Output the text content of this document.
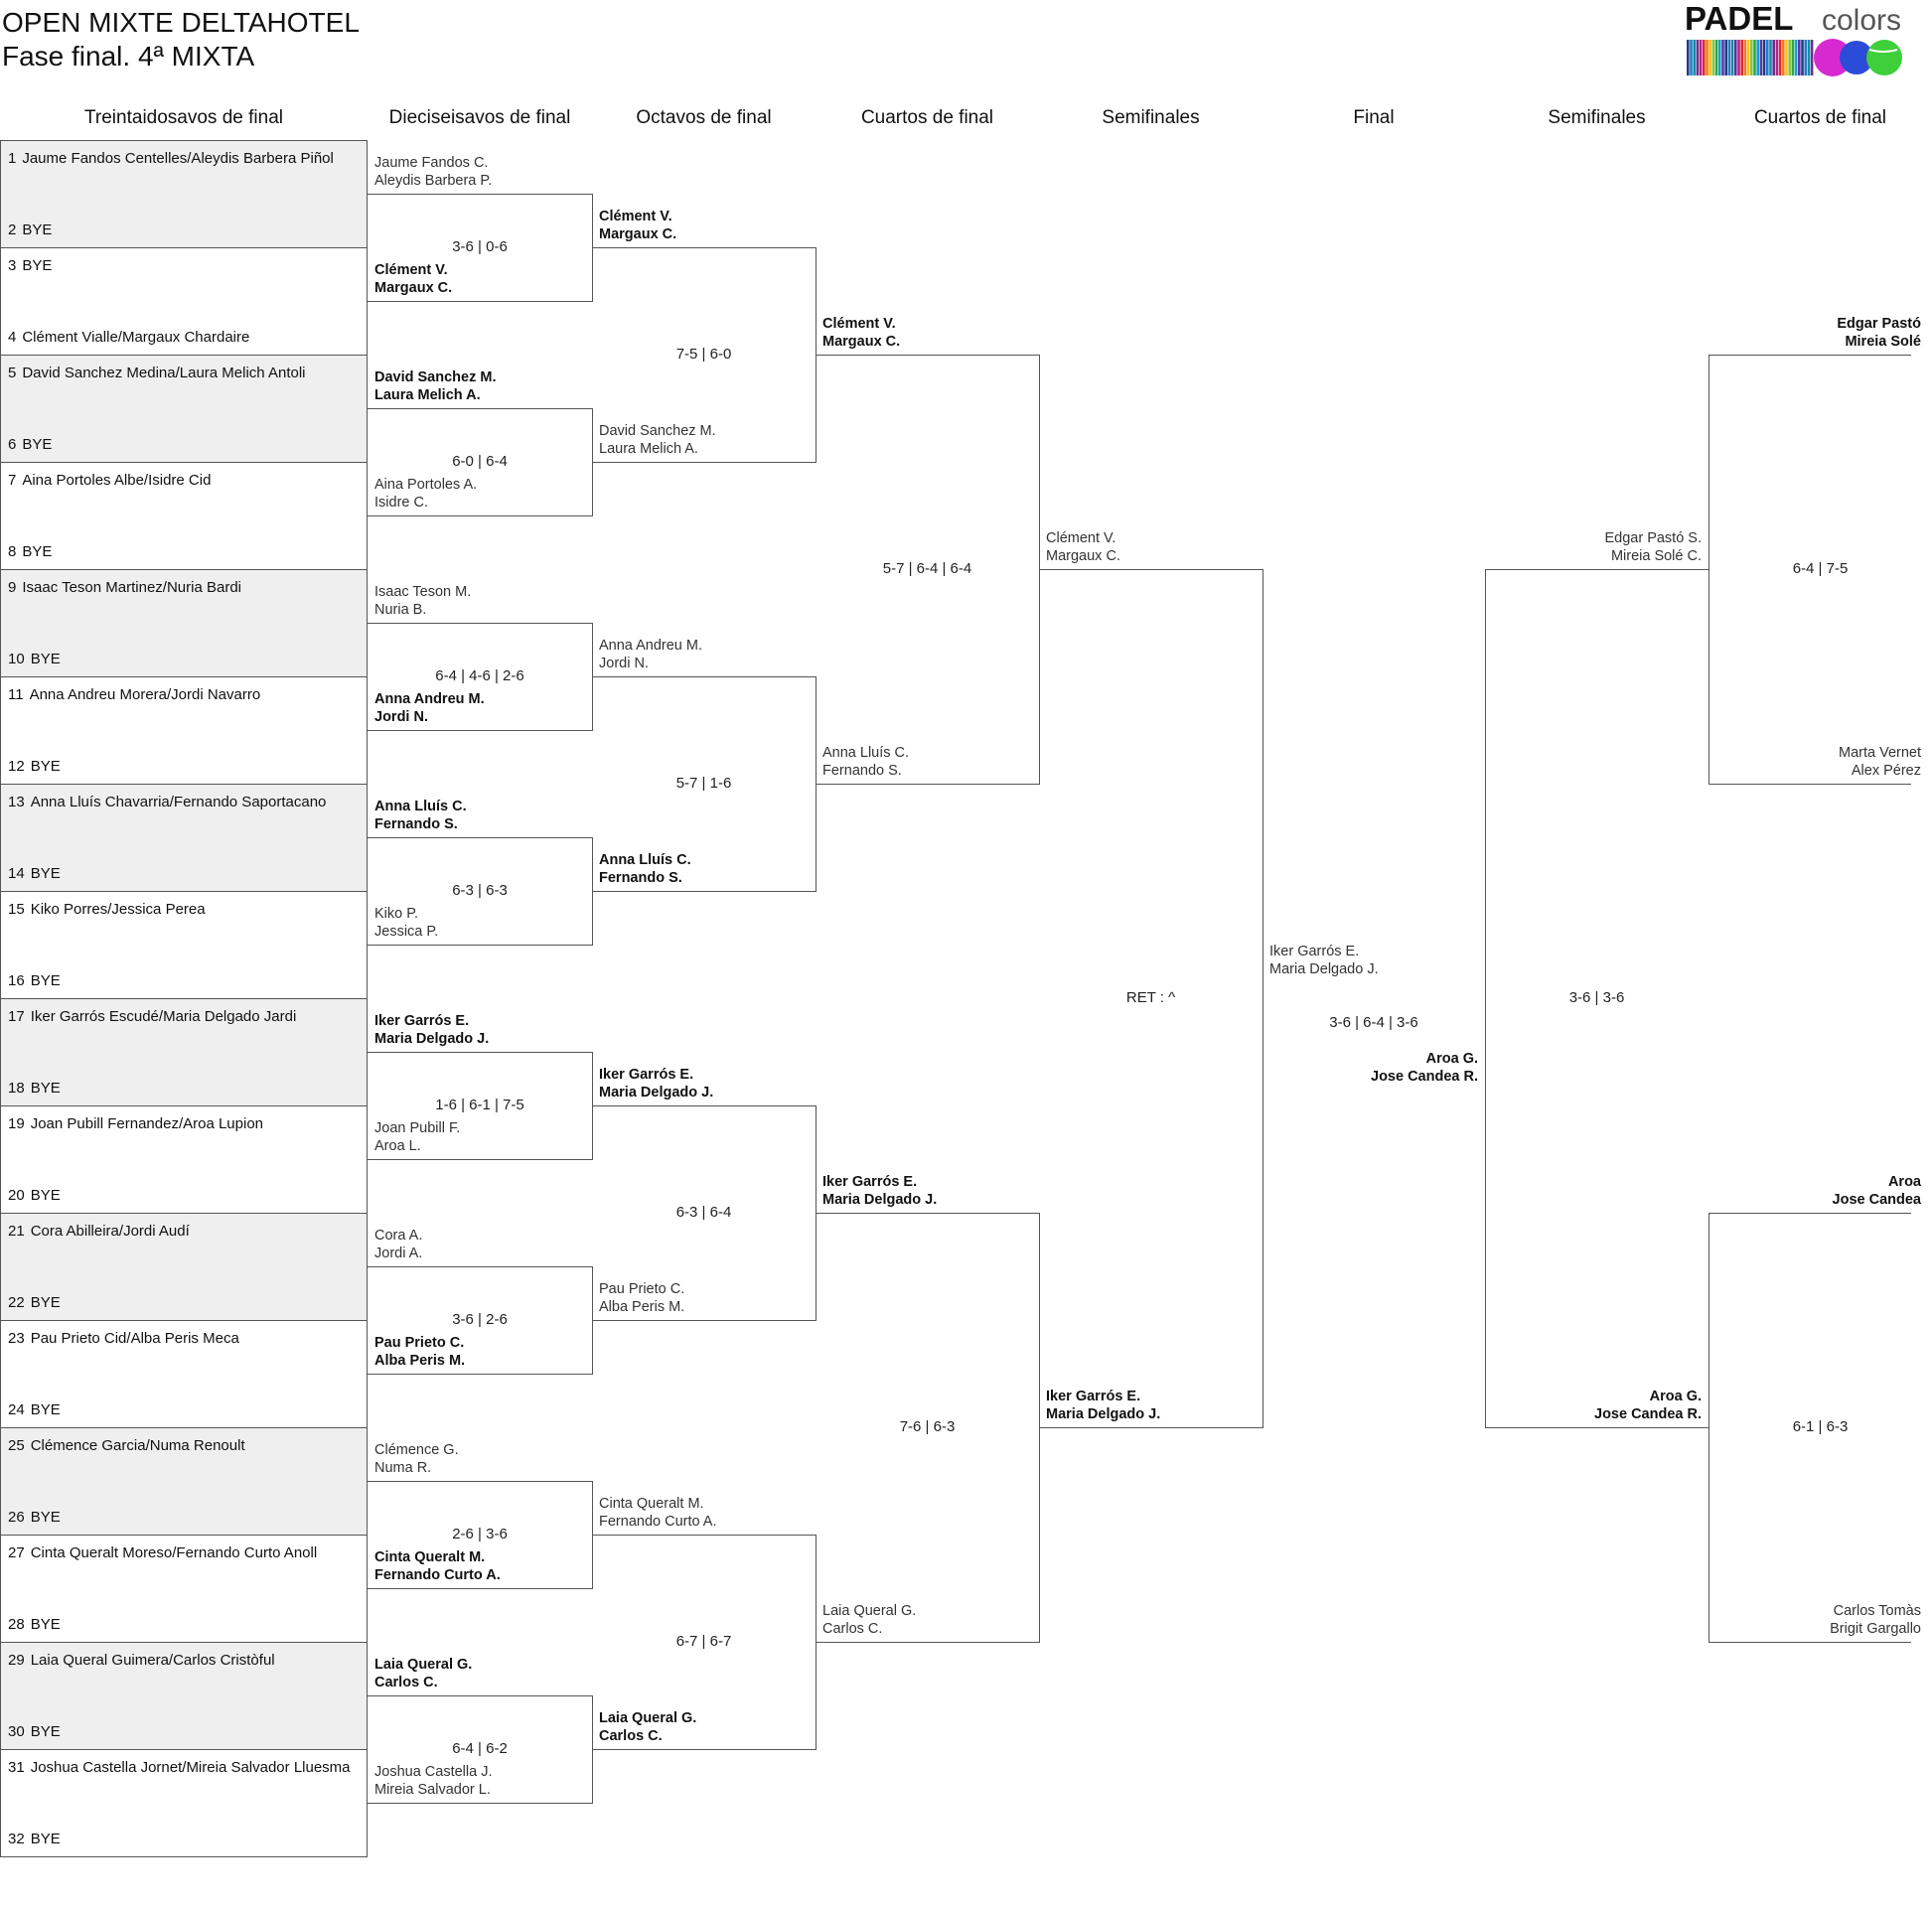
OPEN MIXTE DELTAHOTEL
Fase final. 4ª MIXTA
PADEL colors
Treintaidosavos de final	Dieciseisavos de final	Octavos de final	Cuartos de final	Semifinales	Final	Semifinales	Cuartos de final
1 Jaume Fandos Centelles/Aleydis Barbera Piñol
2 BYE
3 BYE
4 Clément Vialle/Margaux Chardaire
5 David Sanchez Medina/Laura Melich Antoli
6 BYE
7 Aina Portoles Albe/Isidre Cid
8 BYE
9 Isaac Teson Martinez/Nuria Bardi
10 BYE
11 Anna Andreu Morera/Jordi Navarro
12 BYE
13 Anna Lluís Chavarria/Fernando Saportacano
14 BYE
15 Kiko Porres/Jessica Perea
16 BYE
17 Iker Garrós Escudé/Maria Delgado Jardi
18 BYE
19 Joan Pubill Fernandez/Aroa Lupion
20 BYE
21 Cora Abilleira/Jordi Audí
22 BYE
23 Pau Prieto Cid/Alba Peris Meca
24 BYE
25 Clémence Garcia/Numa Renoult
26 BYE
27 Cinta Queralt Moreso/Fernando Curto Anoll
28 BYE
29 Laia Queral Guimera/Carlos Cristòful
30 BYE
31 Joshua Castella Jornet/Mireia Salvador Lluesma
32 BYE
Jaume Fandos C.
Aleydis Barbera P.
Clément V.
Margaux C.
3-6 | 0-6
David Sanchez M.
Laura Melich A.
Aina Portoles A.
Isidre C.
6-0 | 6-4
Isaac Teson M.
Nuria B.
Anna Andreu M.
Jordi N.
6-4 | 4-6 | 2-6
Anna Lluís C.
Fernando S.
Kiko P.
Jessica P.
6-3 | 6-3
Iker Garrós E.
Maria Delgado J.
Joan Pubill F.
Aroa L.
1-6 | 6-1 | 7-5
Cora A.
Jordi A.
Pau Prieto C.
Alba Peris M.
3-6 | 2-6
Clémence G.
Numa R.
Cinta Queralt M.
Fernando Curto A.
2-6 | 3-6
Laia Queral G.
Carlos C.
Joshua Castella J.
Mireia Salvador L.
6-4 | 6-2
Clément V.
Margaux C.
David Sanchez M.
Laura Melich A.
7-5 | 6-0
Anna Andreu M.
Jordi N.
Anna Lluís C.
Fernando S.
5-7 | 1-6
Iker Garrós E.
Maria Delgado J.
Pau Prieto C.
Alba Peris M.
6-3 | 6-4
Cinta Queralt M.
Fernando Curto A.
Laia Queral G.
Carlos C.
6-7 | 6-7
Clément V.
Margaux C.
Anna Lluís C.
Fernando S.
5-7 | 6-4 | 6-4
Iker Garrós E.
Maria Delgado J.
Laia Queral G.
Carlos C.
7-6 | 6-3
Clément V.
Margaux C.
Iker Garrós E.
Maria Delgado J.
RET : ^
Iker Garrós E.
Maria Delgado J.
3-6 | 6-4 | 3-6
Aroa G.
Jose Candea R.
Edgar Pastó S.
Mireia Solé C.
Aroa G.
Jose Candea R.
3-6 | 3-6
Edgar Pastó
Mireia Solé
Marta Vernet
Alex Pérez
6-4 | 7-5
Aroa
Jose Candea
Carlos Tomàs
Brigit Gargallo
6-1 | 6-3
